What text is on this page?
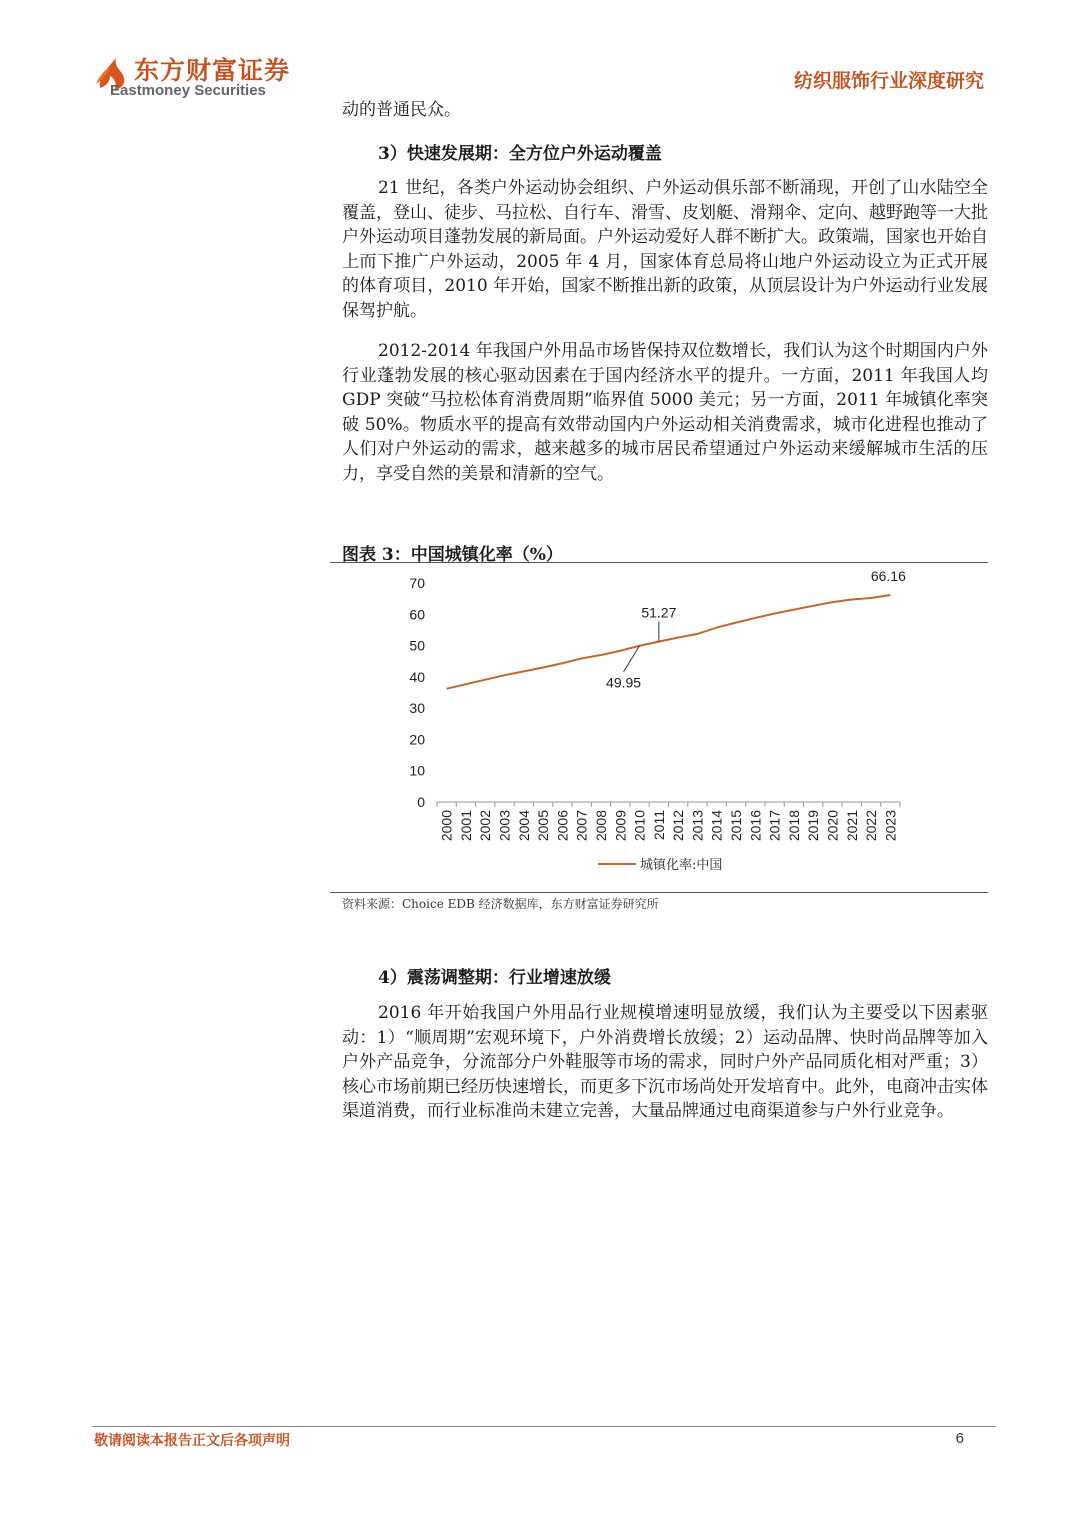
东方财富证券
Eastmoney Securities	纺织服饰行业深度研究

动的普通民众。

3）快速发展期：全方位户外运动覆盖

21 世纪，各类户外运动协会组织、户外运动俱乐部不断涌现，开创了山水陆空全覆盖，登山、徒步、马拉松、自行车、滑雪、皮划艇、滑翔伞、定向、越野跑等一大批户外运动项目蓬勃发展的新局面。户外运动爱好人群不断扩大。政策端，国家也开始自上而下推广户外运动，2005 年 4 月，国家体育总局将山地户外运动设立为正式开展的体育项目，2010 年开始，国家不断推出新的政策，从顶层设计为户外运动行业发展保驾护航。

2012-2014 年我国户外用品市场皆保持双位数增长，我们认为这个时期国内户外行业蓬勃发展的核心驱动因素在于国内经济水平的提升。一方面，2011 年我国人均 GDP 突破“马拉松体育消费周期”临界值 5000 美元；另一方面，2011 年城镇化率突破 50%。物质水平的提高有效带动国内户外运动相关消费需求，城市化进程也推动了人们对户外运动的需求，越来越多的城市居民希望通过户外运动来缓解城市生活的压力，享受自然的美景和清新的空气。

图表 3：中国城镇化率（%）
0
10
20
30
40
50
60
70
2000 2001 2002 2003 2004 2005 2006 2007 2008 2009 2010 2011 2012 2013 2014 2015 2016 2017 2018 2019 2020 2021 2022 2023
49.95
51.27
66.16
城镇化率:中国
资料来源：Choice EDB 经济数据库，东方财富证券研究所
4）震荡调整期：行业增速放缓

2016 年开始我国户外用品行业规模增速明显放缓，我们认为主要受以下因素驱动：1）“顺周期”宏观环境下，户外消费增长放缓；2）运动品牌、快时尚品牌等加入户外产品竞争，分流部分户外鞋服等市场的需求，同时户外产品同质化相对严重；3）核心市场前期已经历快速增长，而更多下沉市场尚处开发培育中。此外，电商冲击实体渠道消费，而行业标准尚未建立完善，大量品牌通过电商渠道参与户外行业竞争。

敬请阅读本报告正文后各项声明	6
